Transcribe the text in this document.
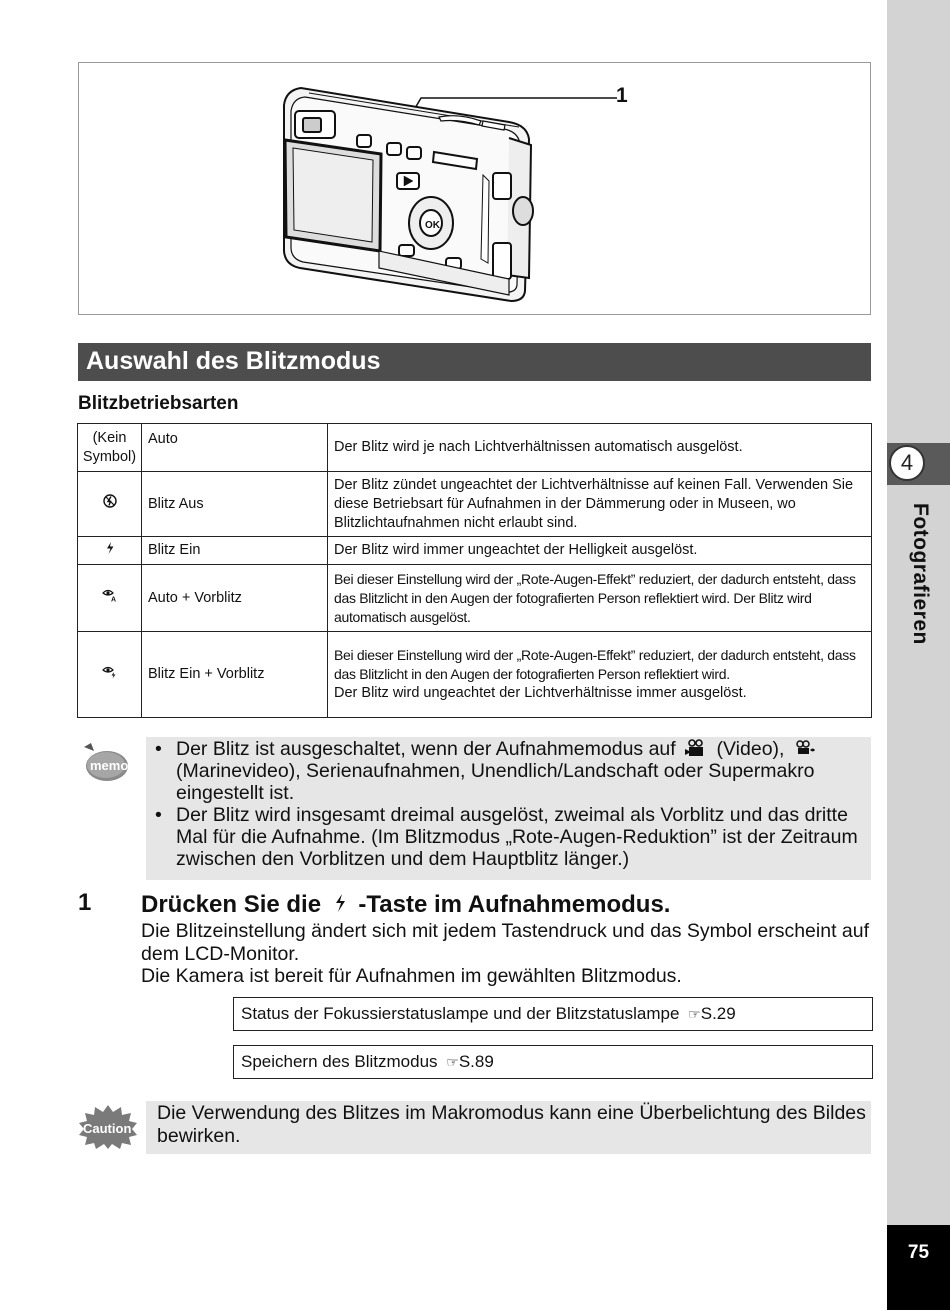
4
Fotografieren
75
OK
1
Auswahl des Blitzmodus
Blitzbetriebsarten
(Kein Symbol)	Auto	Der Blitz wird je nach Lichtverhältnissen automatisch ausgelöst.
	Blitz Aus	Der Blitz zündet ungeachtet der Lichtverhältnisse auf keinen Fall. Verwenden Sie diese Betriebsart für Aufnahmen in der Dämmerung oder in Museen, wo Blitzlichtaufnahmen nicht erlaubt sind.
	Blitz Ein	Der Blitz wird immer ungeachtet der Helligkeit ausgelöst.

A	Auto + Vorblitz	Bei dieser Einstellung wird der „Rote-Augen-Effekt” reduziert, der dadurch entsteht, dass das Blitzlicht in den Augen der fotografierten Person reflektiert wird. Der Blitz wird automatisch ausgelöst.
	Blitz Ein + Vorblitz	Bei dieser Einstellung wird der „Rote-Augen-Effekt” reduziert, der dadurch entsteht, dass das Blitzlicht in den Augen der fotografierten Person reflektiert wird.
Der Blitz wird ungeachtet der Lichtverhältnisse immer ausgelöst.
memo
• Der Blitz ist ausgeschaltet, wenn der Aufnahmemodus auf (Video),  (Marinevideo), Serienaufnahmen, Unendlich/Landschaft oder Supermakro eingestellt ist.
• Der Blitz wird insgesamt dreimal ausgelöst, zweimal als Vorblitz und das dritte Mal für die Aufnahme. (Im Blitzmodus „Rote-Augen-Reduktion” ist der Zeitraum zwischen den Vorblitzen und dem Hauptblitz länger.)
1 Drücken Sie die -Taste im Aufnahmemodus.
Die Blitzeinstellung ändert sich mit jedem Tastendruck und das Symbol erscheint auf dem LCD-Monitor.
Die Kamera ist bereit für Aufnahmen im gewählten Blitzmodus.
Status der Fokussierstatuslampe und der Blitzstatuslampe ☞S.29
Speichern des Blitzmodus ☞S.89
Caution
Die Verwendung des Blitzes im Makromodus kann eine Überbelichtung des Bildes bewirken.
